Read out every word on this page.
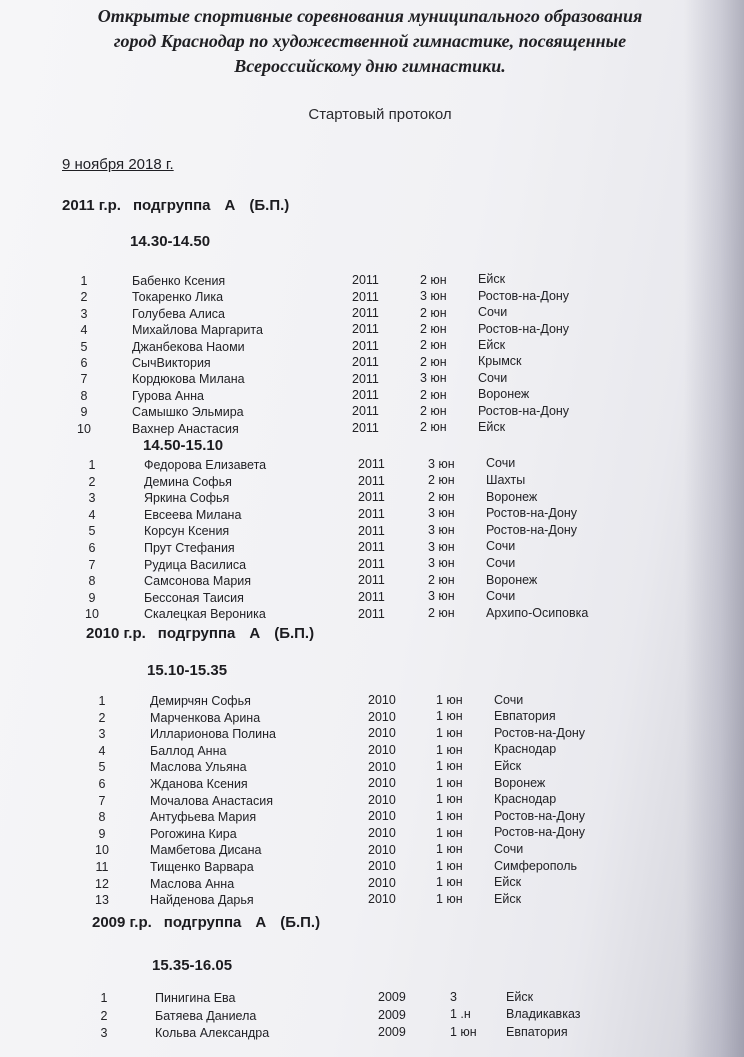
Открытые спортивные соревнования муниципального образования
город Краснодар по художественной гимнастике, посвященные
Всероссийскому дню гимнастики.
Стартовый протокол
9 ноября 2018 г.
2011 г.р. подгруппа А (Б.П.)
14.30-14.50
1	Бабенко Ксения	2011	2 юн	Ейск
2	Токаренко Лика	2011	3 юн	Ростов-на-Дону
3	Голубева Алиса	2011	2 юн	Сочи
4	Михайлова Маргарита	2011	2 юн	Ростов-на-Дону
5	Джанбекова Наоми	2011	2 юн	Ейск
6	СычВиктория	2011	2 юн	Крымск
7	Кордюкова Милана	2011	3 юн	Сочи
8	Гурова Анна	2011	2 юн	Воронеж
9	Самышко Эльмира	2011	2 юн	Ростов-на-Дону
10	Вахнер Анастасия	2011	2 юн	Ейск
14.50-15.10
1	Федорова Елизавета	2011	3 юн	Сочи
2	Демина Софья	2011	2 юн	Шахты
3	Яркина Софья	2011	2 юн	Воронеж
4	Евсеева Милана	2011	3 юн	Ростов-на-Дону
5	Корсун Ксения	2011	3 юн	Ростов-на-Дону
6	Прут Стефания	2011	3 юн	Сочи
7	Рудица Василиса	2011	3 юн	Сочи
8	Самсонова Мария	2011	2 юн	Воронеж
9	Бессоная Таисия	2011	3 юн	Сочи
10	Скалецкая Вероника	2011	2 юн	Архипо-Осиповка
2010 г.р. подгруппа А (Б.П.)
15.10-15.35
1	Демирчян Софья	2010	1 юн	Сочи
2	Марченкова Арина	2010	1 юн	Евпатория
3	Илларионова Полина	2010	1 юн	Ростов-на-Дону
4	Баллод Анна	2010	1 юн	Краснодар
5	Маслова Ульяна	2010	1 юн	Ейск
6	Жданова Ксения	2010	1 юн	Воронеж
7	Мочалова Анастасия	2010	1 юн	Краснодар
8	Антуфьева Мария	2010	1 юн	Ростов-на-Дону
9	Рогожина Кира	2010	1 юн	Ростов-на-Дону
10	Мамбетова Дисана	2010	1 юн	Сочи
11	Тищенко Варвара	2010	1 юн	Симферополь
12	Маслова Анна	2010	1 юн	Ейск
13	Найденова Дарья	2010	1 юн	Ейск
2009 г.р. подгруппа А (Б.П.)
15.35-16.05
1	Пинигина Ева	2009	3	Ейск
2	Батяева Даниела	2009	1 .н	Владикавказ
3	Кольва Александра	2009	1 юн Евпатория
